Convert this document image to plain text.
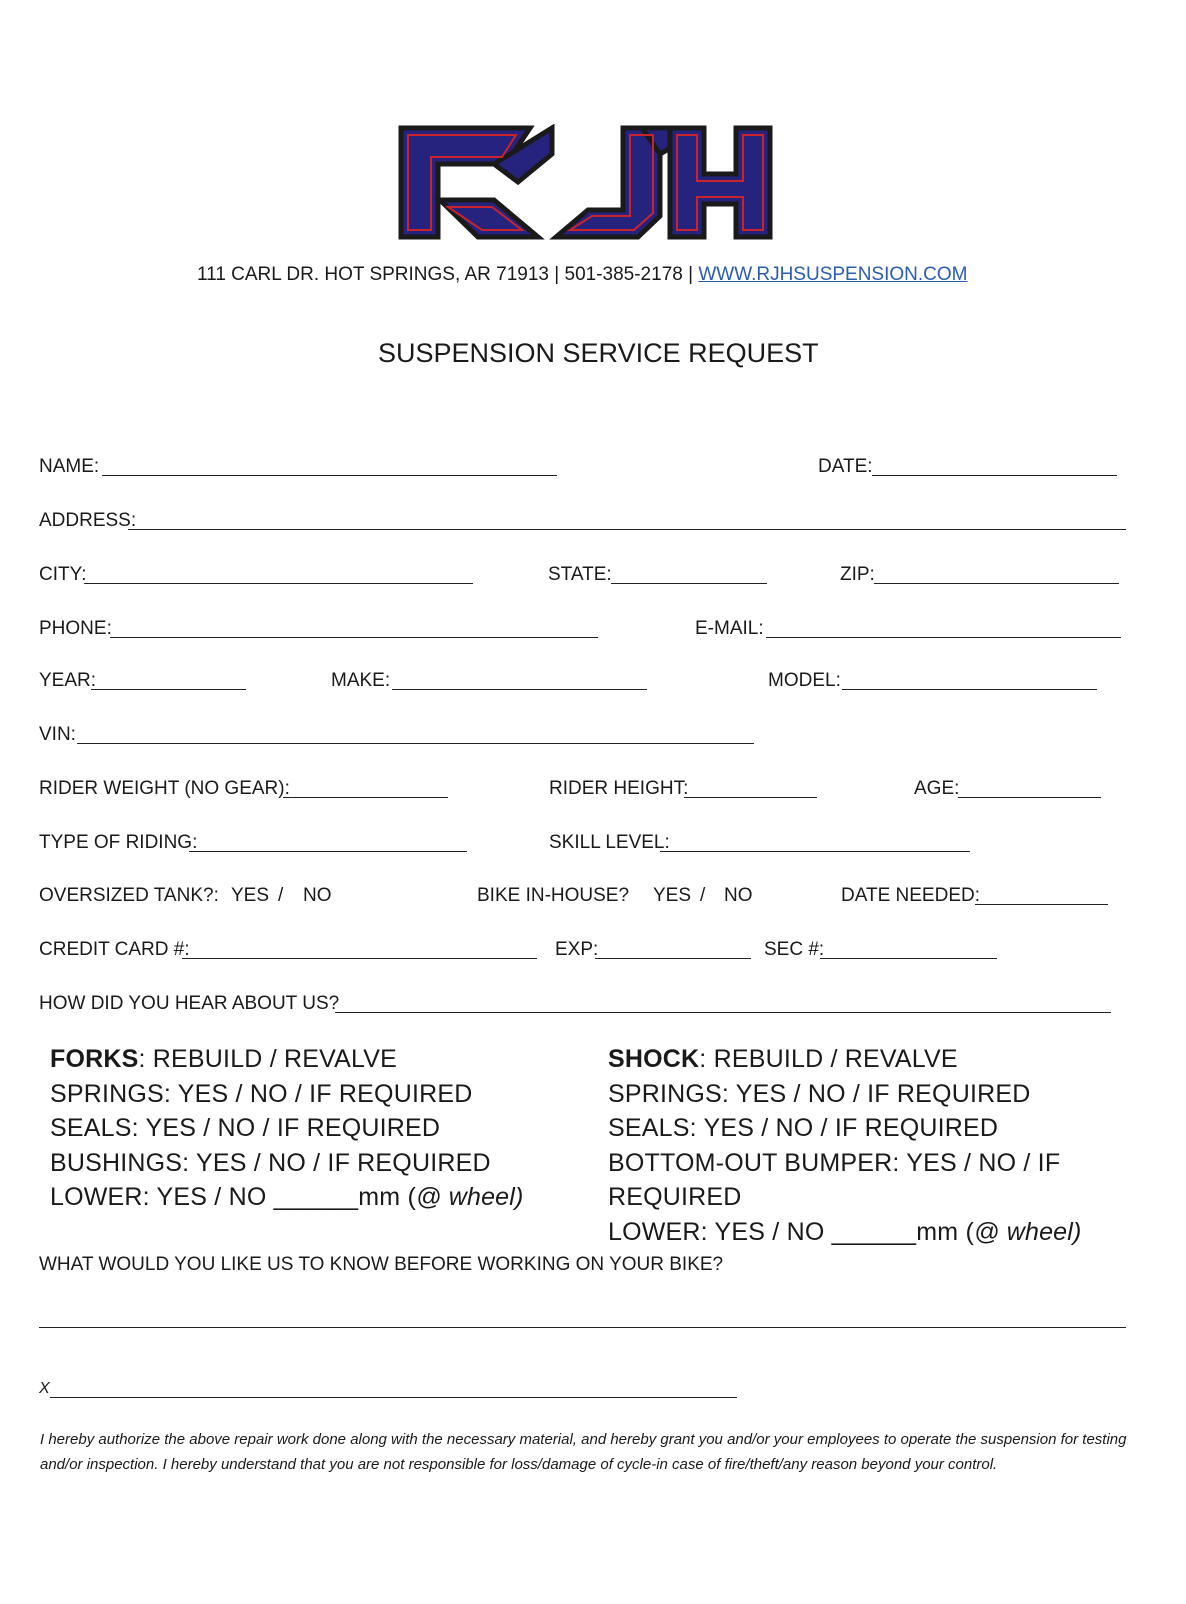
111 CARL DR. HOT SPRINGS, AR 71913 | 501-385-2178 | WWW.RJHSUSPENSION.COM
SUSPENSION SERVICE REQUEST
NAME:	DATE:
ADDRESS:
CITY:	STATE:	ZIP:
PHONE:	E-MAIL:
YEAR:	MAKE:	MODEL:
VIN:
RIDER WEIGHT (NO GEAR):	RIDER HEIGHT:	AGE:
TYPE OF RIDING:	SKILL LEVEL:
OVERSIZED TANK?: YES / NO	BIKE IN-HOUSE? YES / NO	DATE NEEDED:
CREDIT CARD #:	EXP:	SEC #:
HOW DID YOU HEAR ABOUT US?
FORKS: REBUILD / REVALVE
SPRINGS: YES / NO / IF REQUIRED
SEALS: YES / NO / IF REQUIRED
BUSHINGS: YES / NO / IF REQUIRED
LOWER: YES / NO ______mm (@ wheel)
SHOCK: REBUILD / REVALVE
SPRINGS: YES / NO / IF REQUIRED
SEALS: YES / NO / IF REQUIRED
BOTTOM-OUT BUMPER: YES / NO / IF
REQUIRED
LOWER: YES / NO ______mm (@ wheel)
WHAT WOULD YOU LIKE US TO KNOW BEFORE WORKING ON YOUR BIKE?
X
I hereby authorize the above repair work done along with the necessary material, and hereby grant you and/or your employees to operate the suspension for testing and/or inspection. I hereby understand that you are not responsible for loss/damage of cycle-in case of fire/theft/any reason beyond your control.
